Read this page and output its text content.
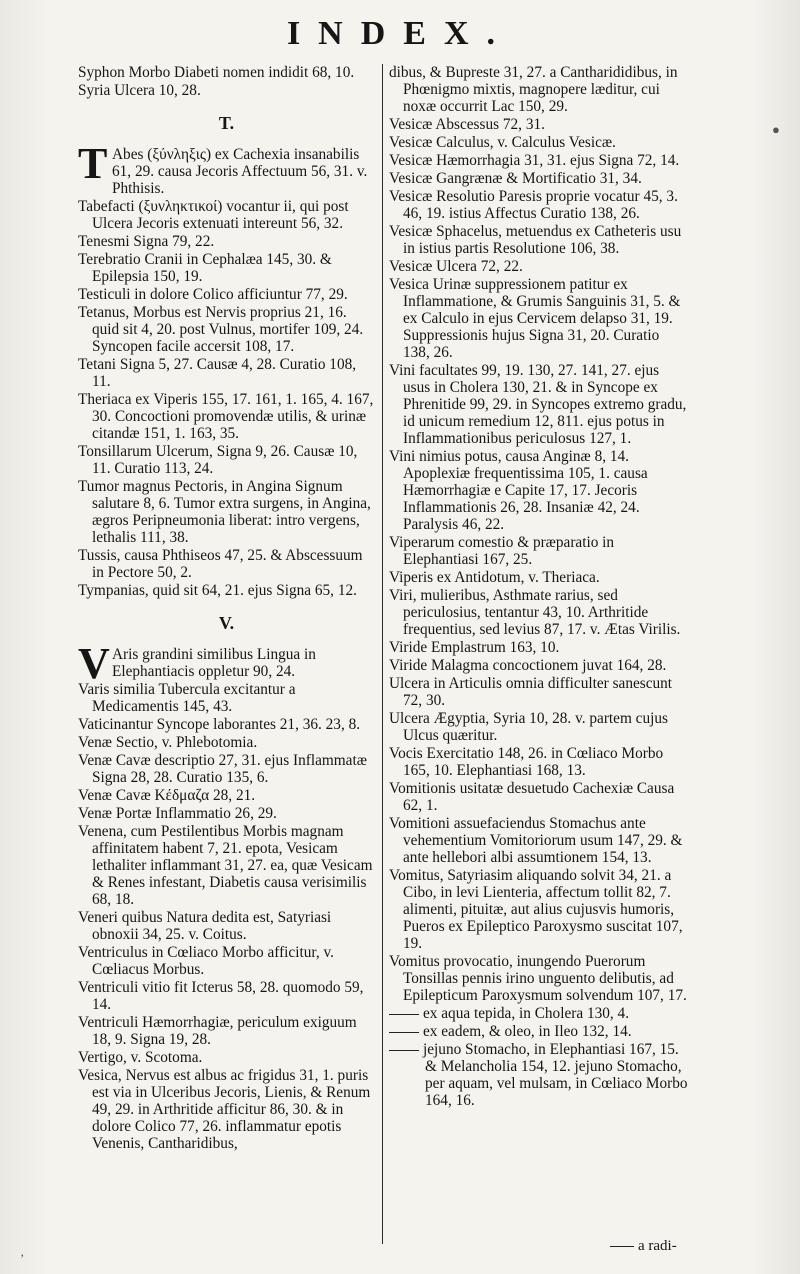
INDEX.
Syphon Morbo Diabeti nomen indidit 68, 10.
Syria Ulcera 10, 28.
T.
T Abes (ξύνληξις) ex Cachexia insanabilis 61, 29. causa Jecoris Affectuum 56, 31. v. Phthisis.
Tabefacti (ξυνληκτικοί) vocantur ii, qui post Ulcera Jecoris extenuati intereunt 56, 32.
Tenesmi Signa 79, 22.
Terebratio Cranii in Cephalæa 145, 30. & Epilepsia 150, 19.
Testiculi in dolore Colico afficiuntur 77, 29.
Tetanus, Morbus est Nervis proprius 21, 16. quid sit 4, 20. post Vulnus, mortifer 109, 24. Syncopen facile accersit 108, 17.
Tetani Signa 5, 27. Causæ 4, 28. Curatio 108, 11.
Theriaca ex Viperis 155, 17. 161, 1. 165, 4. 167, 30. Concoctioni promovendæ utilis, & urinæ citandæ 151, 1. 163, 35.
Tonsillarum Ulcerum, Signa 9, 26. Causæ 10, 11. Curatio 113, 24.
Tumor magnus Pectoris, in Angina Signum salutare 8, 6. Tumor extra surgens, in Angina, ægros Peripneumonia liberat: intro vergens, lethalis 111, 38.
Tussis, causa Phthiseos 47, 25. & Abscessuum in Pectore 50, 2.
Tympanias, quid sit 64, 21. ejus Signa 65, 12.
V.
V Aris grandini similibus Lingua in Elephantiacis oppletur 90, 24.
Varis similia Tubercula excitantur a Medicamentis 145, 43.
Vaticinantur Syncope laborantes 21, 36. 23, 8.
Venæ Sectio, v. Phlebotomia.
Venæ Cavæ descriptio 27, 31. ejus Inflammatæ Signa 28, 28. Curatio 135, 6.
Venæ Cavæ Κέδμαζα 28, 21.
Venæ Portæ Inflammatio 26, 29.
Venena, cum Pestilentibus Morbis magnam affinitatem habent 7, 21. epota, Vesicam lethaliter inflammant 31, 27. ea, quæ Vesicam & Renes infestant, Diabetis causa verisimilis 68, 18.
Veneri quibus Natura dedita est, Satyriasi obnoxii 34, 25. v. Coitus.
Ventriculus in Cœliaco Morbo afficitur, v. Cœliacus Morbus.
Ventriculi vitio fit Icterus 58, 28. quomodo 59, 14.
Ventriculi Hæmorrhagiæ, periculum exiguum 18, 9. Signa 19, 28.
Vertigo, v. Scotoma.
Vesica, Nervus est albus ac frigidus 31, 1. puris est via in Ulceribus Jecoris, Lienis, & Renum 49, 29. in Arthritide afficitur 86, 30. & in dolore Colico 77, 26. inflammatur epotis Venenis, Cantharidibus,
dibus, & Bupreste 31, 27. a Cantharididibus, in Phœnigmo mixtis, magnopere læditur, cui noxæ occurrit Lac 150, 29.
Vesicæ Abscessus 72, 31.
Vesicæ Calculus, v. Calculus Vesicæ.
Vesicæ Hæmorrhagia 31, 31. ejus Signa 72, 14.
Vesicæ Gangrænæ & Mortificatio 31, 34.
Vesicæ Resolutio Paresis proprie vocatur 45, 3. 46, 19. istius Affectus Curatio 138, 26.
Vesicæ Sphacelus, metuendus ex Catheteris usu in istius partis Resolutione 106, 38.
Vesicæ Ulcera 72, 22.
Vesica Urinæ suppressionem patitur ex Inflammatione, & Grumis Sanguinis 31, 5. & ex Calculo in ejus Cervicem delapso 31, 19. Suppressionis hujus Signa 31, 20. Curatio 138, 26.
Vini facultates 99, 19. 130, 27. 141, 27. ejus usus in Cholera 130, 21. & in Syncope ex Phrenitide 99, 29. in Syncopes extremo gradu, id unicum remedium 12, 811. ejus potus in Inflammationibus periculosus 127, 1.
Vini nimius potus, causa Anginæ 8, 14. Apoplexiæ frequentissima 105, 1. causa Hæmorrhagiæ e Capite 17, 17. Jecoris Inflammationis 26, 28. Insaniæ 42, 24. Paralysis 46, 22.
Viperarum comestio & præparatio in Elephantiasi 167, 25.
Viperis ex Antidotum, v. Theriaca.
Viri, mulieribus, Asthmate rarius, sed periculosius, tentantur 43, 10. Arthritide frequentius, sed levius 87, 17. v. Ætas Virilis.
Viride Emplastrum 163, 10.
Viride Malagma concoctionem juvat 164, 28.
Ulcera in Articulis omnia difficulter sanescunt 72, 30.
Ulcera Ægyptia, Syria 10, 28. v. partem cujus Ulcus quæritur.
Vocis Exercitatio 148, 26. in Cœliaco Morbo 165, 10. Elephantiasi 168, 13.
Vomitionis usitatæ desuetudo Cachexiæ Causa 62, 1.
Vomitioni assuefaciendus Stomachus ante vehementium Vomitoriorum usum 147, 29. & ante hellebori albi assumtionem 154, 13.
Vomitus, Satyriasim aliquando solvit 34, 21. a Cibo, in levi Lienteria, affectum tollit 82, 7. alimenti, pituitæ, aut alius cujusvis humoris, Pueros ex Epileptico Paroxysmo suscitat 107, 19.
Vomitus provocatio, inungendo Puerorum Tonsillas pennis irino unguento delibutis, ad Epilepticum Paroxysmum solvendum 107, 17.
ex aqua tepida, in Cholera 130, 4.
ex eadem, & oleo, in Ileo 132, 14.
jejuno Stomacho, in Elephantiasi 167, 15. & Melancholia 154, 12. jejuno Stomacho, per aquam, vel mulsam, in Cœliaco Morbo 164, 16.
a radi-
●
‚
